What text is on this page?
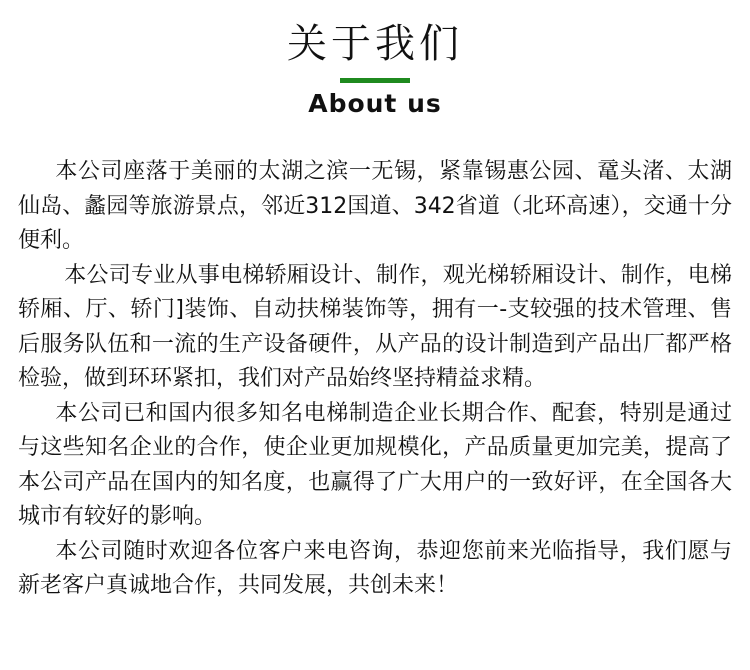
关于我们
About us

本公司座落于美丽的太湖之滨一无锡，紧靠锡惠公园、鼋头渚、太湖仙岛、蠡园等旅游景点，邻近312国道、342省道（北环高速），交通十分便利。

本公司专业从事电梯轿厢设计、制作，观光梯轿厢设计、制作，电梯轿厢、厅、轿门]装饰、自动扶梯装饰等，拥有一-支较强的技术管理、售后服务队伍和一流的生产设备硬件，从产品的设计制造到产品出厂都严格检验，做到环环紧扣，我们对产品始终坚持精益求精。

本公司已和国内很多知名电梯制造企业长期合作、配套，特别是通过与这些知名企业的合作，使企业更加规模化，产品质量更加完美，提高了本公司产品在国内的知名度，也赢得了广大用户的一致好评，在全国各大城市有较好的影响。

本公司随时欢迎各位客户来电咨询，恭迎您前来光临指导，我们愿与新老客户真诚地合作，共同发展，共创未来！
